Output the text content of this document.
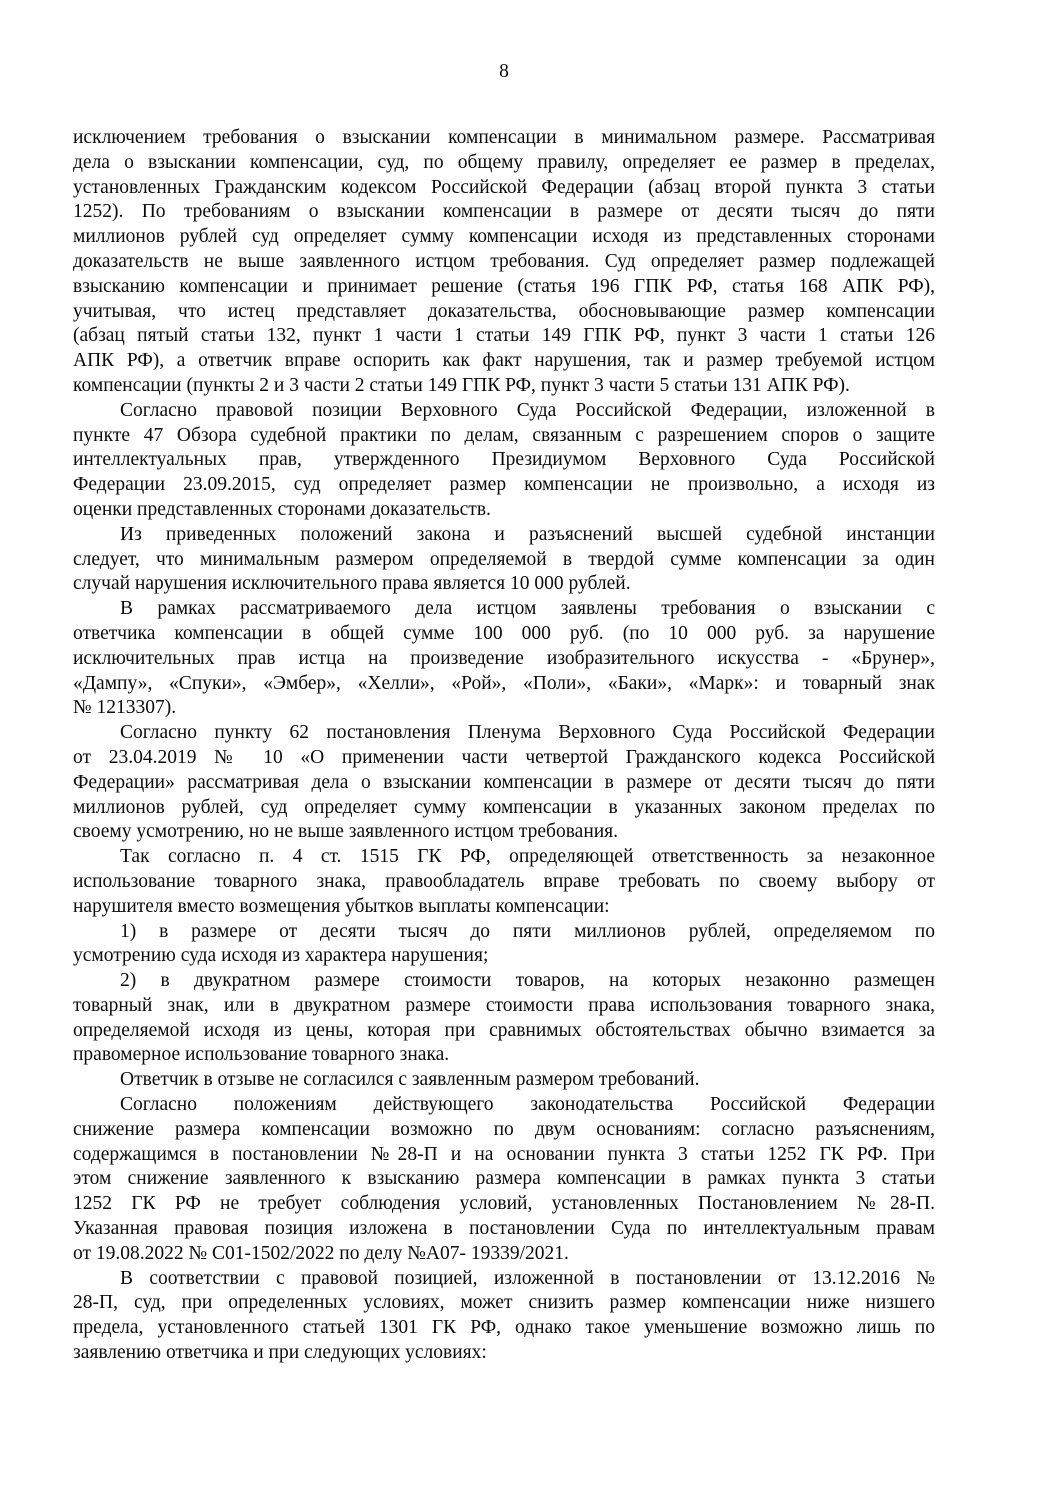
8
исключением требования о взыскании компенсации в минимальном размере. Рассматривая
дела о взыскании компенсации, суд, по общему правилу, определяет ее размер в пределах,
установленных Гражданским кодексом Российской Федерации (абзац второй пункта 3 статьи
1252). По требованиям о взыскании компенсации в размере от десяти тысяч до пяти
миллионов рублей суд определяет сумму компенсации исходя из представленных сторонами
доказательств не выше заявленного истцом требования. Суд определяет размер подлежащей
взысканию компенсации и принимает решение (статья 196 ГПК РФ, статья 168 АПК РФ),
учитывая, что истец представляет доказательства, обосновывающие размер компенсации
(абзац пятый статьи 132, пункт 1 части 1 статьи 149 ГПК РФ, пункт 3 части 1 статьи 126
АПК РФ), а ответчик вправе оспорить как факт нарушения, так и размер требуемой истцом
компенсации (пункты 2 и 3 части 2 статьи 149 ГПК РФ, пункт 3 части 5 статьи 131 АПК РФ).
Согласно правовой позиции Верховного Суда Российской Федерации, изложенной в
пункте 47 Обзора судебной практики по делам, связанным с разрешением споров о защите
интеллектуальных прав, утвержденного Президиумом Верховного Суда Российской
Федерации 23.09.2015, суд определяет размер компенсации не произвольно, а исходя из
оценки представленных сторонами доказательств.
Из приведенных положений закона и разъяснений высшей судебной инстанции
следует, что минимальным размером определяемой в твердой сумме компенсации за один
случай нарушения исключительного права является 10 000 рублей.
В рамках рассматриваемого дела истцом заявлены требования о взыскании с
ответчика компенсации в общей сумме 100 000 руб. (по 10 000 руб. за нарушение
исключительных прав истца на произведение изобразительного искусства - «Брунер»,
«Дампу», «Спуки», «Эмбер», «Хелли», «Рой», «Поли», «Баки», «Марк»: и товарный знак
№ 1213307).
Согласно пункту 62 постановления Пленума Верховного Суда Российской Федерации
от 23.04.2019 № 10 «О применении части четвертой Гражданского кодекса Российской
Федерации» рассматривая дела о взыскании компенсации в размере от десяти тысяч до пяти
миллионов рублей, суд определяет сумму компенсации в указанных законом пределах по
своему усмотрению, но не выше заявленного истцом требования.
Так согласно п. 4 ст. 1515 ГК РФ, определяющей ответственность за незаконное
использование товарного знака, правообладатель вправе требовать по своему выбору от
нарушителя вместо возмещения убытков выплаты компенсации:
1) в размере от десяти тысяч до пяти миллионов рублей, определяемом по
усмотрению суда исходя из характера нарушения;
2) в двукратном размере стоимости товаров, на которых незаконно размещен
товарный знак, или в двукратном размере стоимости права использования товарного знака,
определяемой исходя из цены, которая при сравнимых обстоятельствах обычно взимается за
правомерное использование товарного знака.
Ответчик в отзыве не согласился с заявленным размером требований.
Согласно положениям действующего законодательства Российской Федерации
снижение размера компенсации возможно по двум основаниям: согласно разъяснениям,
содержащимся в постановлении №28-П и на основании пункта 3 статьи 1252 ГК РФ. При
этом снижение заявленного к взысканию размера компенсации в рамках пункта 3 статьи
1252 ГК РФ не требует соблюдения условий, установленных Постановлением №28-П.
Указанная правовая позиция изложена в постановлении Суда по интеллектуальным правам
от 19.08.2022 № С01-1502/2022 по делу №А07- 19339/2021.
В соответствии с правовой позицией, изложенной в постановлении от 13.12.2016 №
28-П, суд, при определенных условиях, может снизить размер компенсации ниже низшего
предела, установленного статьей 1301 ГК РФ, однако такое уменьшение возможно лишь по
заявлению ответчика и при следующих условиях:
